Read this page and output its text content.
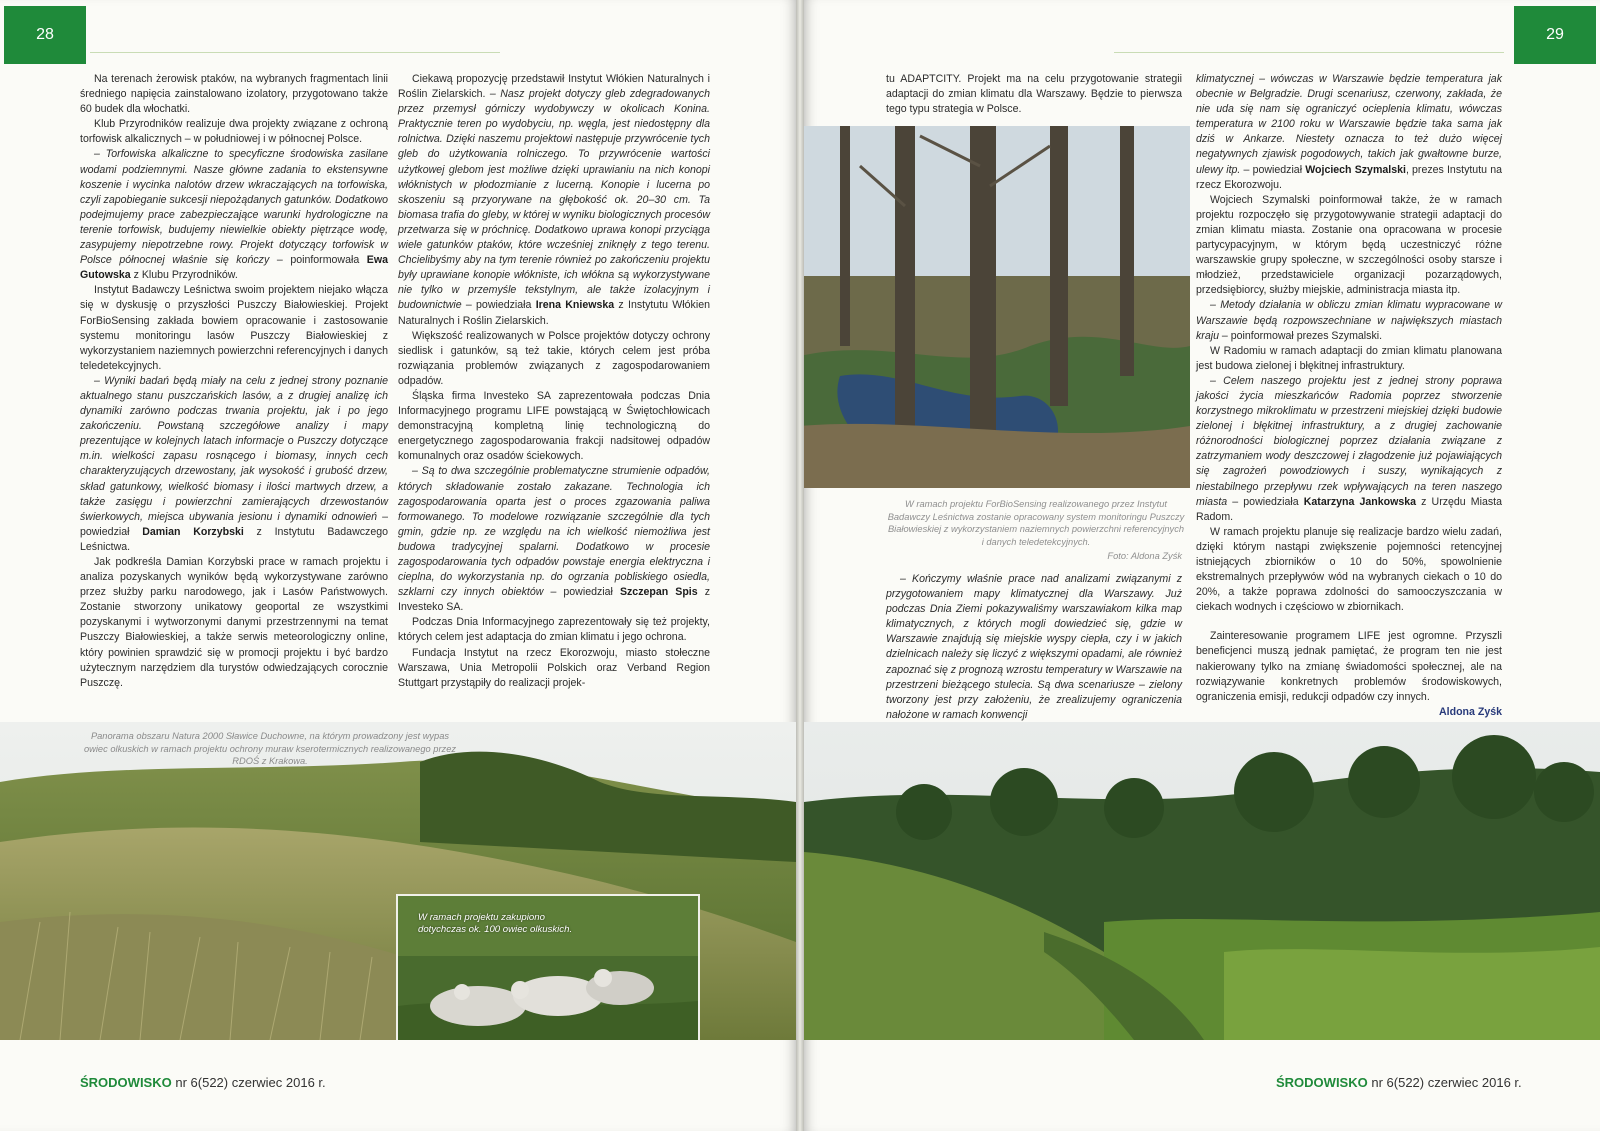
28

Na terenach żerowisk ptaków, na wybranych fragmentach linii średniego napięcia zainstalowano izolatory, przygotowano także 60 budek dla włochatki.

Klub Przyrodników realizuje dwa projekty związane z ochroną torfowisk alkalicznych – w południowej i w północnej Polsce.

– Torfowiska alkaliczne to specyficzne środowiska zasilane wodami podziemnymi. Nasze główne zadania to ekstensywne koszenie i wycinka nalotów drzew wkraczających na torfowiska, czyli zapobieganie sukcesji niepożądanych gatunków. Dodatkowo podejmujemy prace zabezpieczające warunki hydrologiczne na terenie torfowisk, budujemy niewielkie obiekty piętrzące wodę, zasypujemy niepotrzebne rowy. Projekt dotyczący torfowisk w Polsce północnej właśnie się kończy – poinformowała Ewa Gutowska z Klubu Przyrodników.

Instytut Badawczy Leśnictwa swoim projektem niejako włącza się w dyskusję o przyszłości Puszczy Białowieskiej. Projekt ForBioSensing zakłada bowiem opracowanie i zastosowanie systemu monitoringu lasów Puszczy Białowieskiej z wykorzystaniem naziemnych powierzchni referencyjnych i danych teledetekcyjnych.

– Wyniki badań będą miały na celu z jednej strony poznanie aktualnego stanu puszczańskich lasów, a z drugiej analizę ich dynamiki zarówno podczas trwania projektu, jak i po jego zakończeniu. Powstaną szczegółowe analizy i mapy prezentujące w kolejnych latach informacje o Puszczy dotyczące m.in. wielkości zapasu rosnącego i biomasy, innych cech charakteryzujących drzewostany, jak wysokość i grubość drzew, skład gatunkowy, wielkość biomasy i ilości martwych drzew, a także zasięgu i powierzchni zamierających drzewostanów świerkowych, miejsca ubywania jesionu i dynamiki odnowień – powiedział Damian Korzybski z Instytutu Badawczego Leśnictwa.

Jak podkreśla Damian Korzybski prace w ramach projektu i analiza pozyskanych wyników będą wykorzystywane zarówno przez służby parku narodowego, jak i Lasów Państwowych. Zostanie stworzony unikatowy geoportal ze wszystkimi pozyskanymi i wytworzonymi danymi przestrzennymi na temat Puszczy Białowieskiej, a także serwis meteorologiczny online, który powinien sprawdzić się w promocji projektu i być bardzo użytecznym narzędziem dla turystów odwiedzających corocznie Puszczę.

Ciekawą propozycję przedstawił Instytut Włókien Naturalnych i Roślin Zielarskich. – Nasz projekt dotyczy gleb zdegradowanych przez przemysł górniczy wydobywczy w okolicach Konina. Praktycznie teren po wydobyciu, np. węgla, jest niedostępny dla rolnictwa. Dzięki naszemu projektowi następuje przywrócenie tych gleb do użytkowania rolniczego. To przywrócenie wartości użytkowej glebom jest możliwe dzięki uprawianiu na nich konopi włóknistych w płodozmianie z lucerną. Konopie i lucerna po skoszeniu są przyorywane na głębokość ok. 20–30 cm. Ta biomasa trafia do gleby, w której w wyniku biologicznych procesów przetwarza się w próchnicę. Dodatkowo uprawa konopi przyciąga wiele gatunków ptaków, które wcześniej zniknęły z tego terenu. Chcielibyśmy aby na tym terenie również po zakończeniu projektu były uprawiane konopie włókniste, ich włókna są wykorzystywane nie tylko w przemyśle tekstylnym, ale także izolacyjnym i budownictwie – powiedziała Irena Kniewska z Instytutu Włókien Naturalnych i Roślin Zielarskich.

Większość realizowanych w Polsce projektów dotyczy ochrony siedlisk i gatunków, są też takie, których celem jest próba rozwiązania problemów związanych z zagospodarowaniem odpadów.

Śląska firma Investeko SA zaprezentowała podczas Dnia Informacyjnego programu LIFE powstającą w Świętochłowicach demonstracyjną kompletną linię technologiczną do energetycznego zagospodarowania frakcji nadsitowej odpadów komunalnych oraz osadów ściekowych.

– Są to dwa szczególnie problematyczne strumienie odpadów, których składowanie zostało zakazane. Technologia ich zagospodarowania oparta jest o proces zgazowania paliwa formowanego. To modelowe rozwiązanie szczególnie dla tych gmin, gdzie np. ze względu na ich wielkość niemożliwa jest budowa tradycyjnej spalarni. Dodatkowo w procesie zagospodarowania tych odpadów powstaje energia elektryczna i cieplna, do wykorzystania np. do ogrzania pobliskiego osiedla, szklarni czy innych obiektów – powiedział Szczepan Spis z Investeko SA.

Podczas Dnia Informacyjnego zaprezentowały się też projekty, których celem jest adaptacja do zmian klimatu i jego ochrona.

Fundacja Instytut na rzecz Ekorozwoju, miasto stołeczne Warszawa, Unia Metropolii Polskich oraz Verband Region Stuttgart przystąpiły do realizacji projek-

Panorama obszaru Natura 2000 Sławice Duchowne, na którym prowadzony jest wypas owiec olkuskich w ramach projektu ochrony muraw kserotermicznych realizowanego przez RDOŚ z Krakowa.
W ramach projektu zakupiono dotychczas ok. 100 owiec olkuskich.
ŚRODOWISKO nr 6(522) czerwiec 2016 r.
29

tu ADAPTCITY. Projekt ma na celu przygotowanie strategii adaptacji do zmian klimatu dla Warszawy. Będzie to pierwsza tego typu strategia w Polsce.

W ramach projektu ForBioSensing realizowanego przez Instytut Badawczy Leśnictwa zostanie opracowany system monitoringu Puszczy Białowieskiej z wykorzystaniem naziemnych powierzchni referencyjnych i danych teledetekcyjnych.
Foto: Aldona Zyśk

– Kończymy właśnie prace nad analizami związanymi z przygotowaniem mapy klimatycznej dla Warszawy. Już podczas Dnia Ziemi pokazywaliśmy warszawiakom kilka map klimatycznych, z których mogli dowiedzieć się, gdzie w Warszawie znajdują się miejskie wyspy ciepła, czy i w jakich dzielnicach należy się liczyć z większymi opadami, ale również zapoznać się z prognozą wzrostu temperatury w Warszawie na przestrzeni bieżącego stulecia. Są dwa scenariusze – zielony tworzony jest przy założeniu, że zrealizujemy ograniczenia nałożone w ramach konwencji

klimatycznej – wówczas w Warszawie będzie temperatura jak obecnie w Belgradzie. Drugi scenariusz, czerwony, zakłada, że nie uda się nam się ograniczyć ocieplenia klimatu, wówczas temperatura w 2100 roku w Warszawie będzie taka sama jak dziś w Ankarze. Niestety oznacza to też dużo więcej negatywnych zjawisk pogodowych, takich jak gwałtowne burze, ulewy itp. – powiedział Wojciech Szymalski, prezes Instytutu na rzecz Ekorozwoju.

Wojciech Szymalski poinformował także, że w ramach projektu rozpoczęło się przygotowywanie strategii adaptacji do zmian klimatu miasta. Zostanie ona opracowana w procesie partycypacyjnym, w którym będą uczestniczyć różne warszawskie grupy społeczne, w szczególności osoby starsze i młodzież, przedstawiciele organizacji pozarządowych, przedsiębiorcy, służby miejskie, administracja miasta itp.

– Metody działania w obliczu zmian klimatu wypracowane w Warszawie będą rozpowszechniane w największych miastach kraju – poinformował prezes Szymalski.

W Radomiu w ramach adaptacji do zmian klimatu planowana jest budowa zielonej i błękitnej infrastruktury.

– Celem naszego projektu jest z jednej strony poprawa jakości życia mieszkańców Radomia poprzez stworzenie korzystnego mikroklimatu w przestrzeni miejskiej dzięki budowie zielonej i błękitnej infrastruktury, a z drugiej zachowanie różnorodności biologicznej poprzez działania związane z zatrzymaniem wody deszczowej i złagodzenie już pojawiających się zagrożeń powodziowych i suszy, wynikających z niestabilnego przepływu rzek wpływających na teren naszego miasta – powiedziała Katarzyna Jankowska z Urzędu Miasta Radom.

W ramach projektu planuje się realizacje bardzo wielu zadań, dzięki którym nastąpi zwiększenie pojemności retencyjnej istniejących zbiorników o 10 do 50%, spowolnienie ekstremalnych przepływów wód na wybranych ciekach o 10 do 20%, a także poprawa zdolności do samooczyszczania w ciekach wodnych i częściowo w zbiornikach.

Zainteresowanie programem LIFE jest ogromne. Przyszli beneficjenci muszą jednak pamiętać, że program ten nie jest nakierowany tylko na zmianę świadomości społecznej, ale na rozwiązywanie konkretnych problemów środowiskowych, ograniczenia emisji, redukcji odpadów czy innych.

Aldona Zyśk

ŚRODOWISKO nr 6(522) czerwiec 2016 r.
